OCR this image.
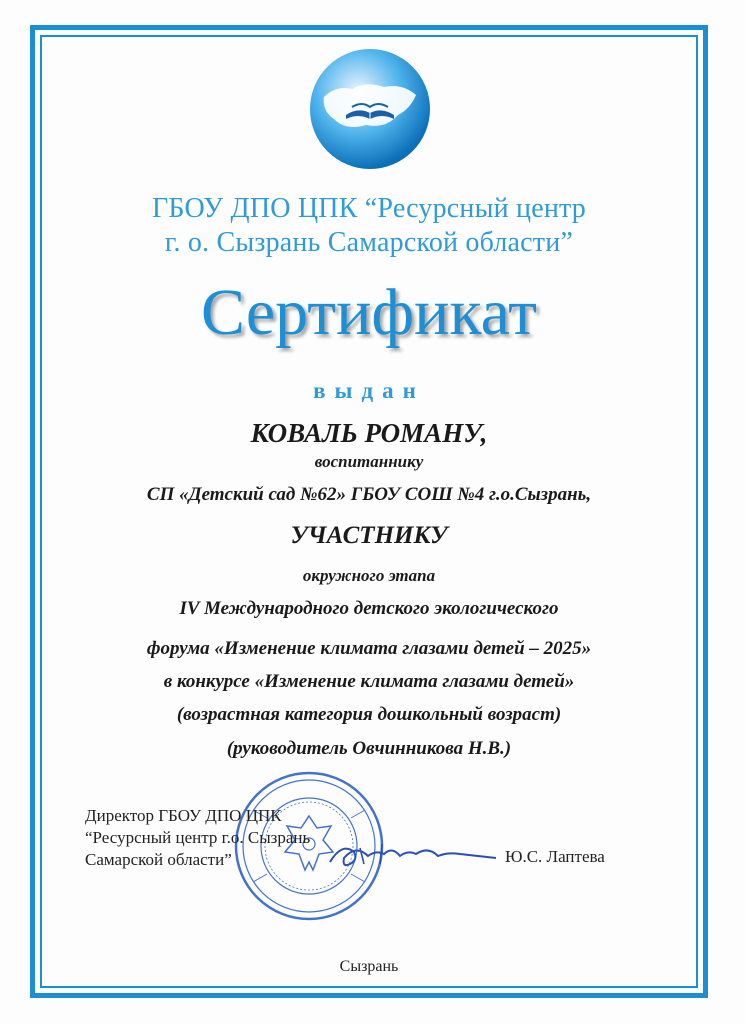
ГБОУ ДПО ЦПК “Ресурсный центр
г. о. Сызрань Самарской области”
Сертификат
выдан
КОВАЛЬ РОМАНУ,
воспитаннику
СП «Детский сад №62» ГБОУ СОШ №4 г.о.Сызрань,
УЧАСТНИКУ
окружного этапа
IV Международного детского экологического
форума «Изменение климата глазами детей – 2025»
в конкурсе «Изменение климата глазами детей»
(возрастная категория дошкольный возраст)
(руководитель Овчинникова Н.В.)
Директор ГБОУ ДПО ЦПК
“Ресурсный центр г.о. Сызрань
Самарской области”	Ю.С. Лаптева
Сызрань
